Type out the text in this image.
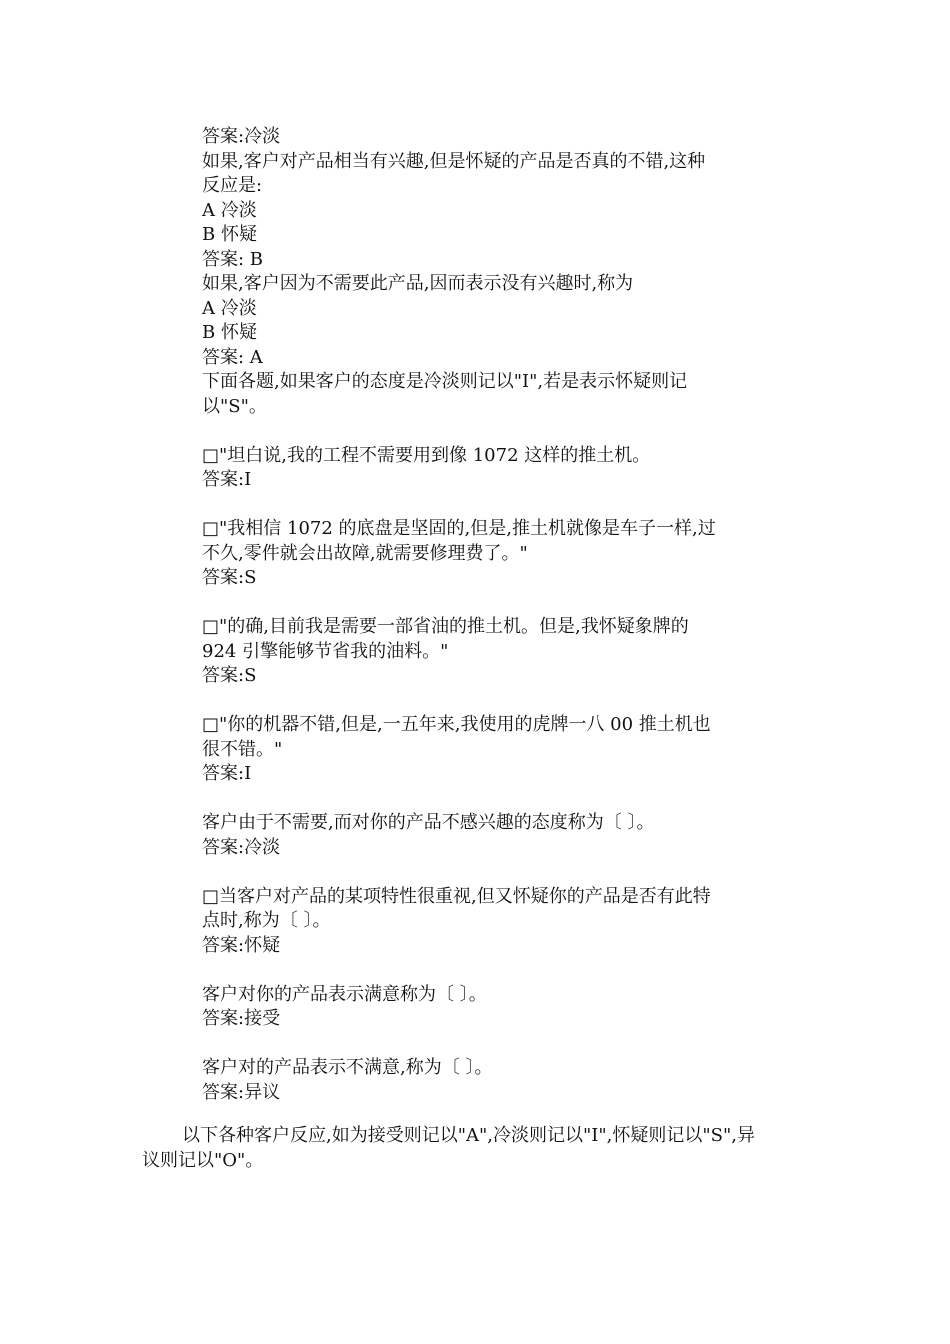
答案:冷淡
如果,客户对产品相当有兴趣,但是怀疑的产品是否真的不错,这种
反应是:
A 冷淡
B 怀疑
答案: B
如果,客户因为不需要此产品,因而表示没有兴趣时,称为
A 冷淡
B 怀疑
答案: A
下面各题,如果客户的态度是冷淡则记以"I",若是表示怀疑则记
以"S"。
□"坦白说,我的工程不需要用到像 1072 这样的推土机。
答案:I
□"我相信 1072 的底盘是坚固的,但是,推土机就像是车子一样,过
不久,零件就会出故障,就需要修理费了。"
答案:S
□"的确,目前我是需要一部省油的推土机。但是,我怀疑象牌的
924 引擎能够节省我的油料。"
答案:S
□"你的机器不错,但是,一五年来,我使用的虎牌一八 00 推土机也
很不错。"
答案:I
客户由于不需要,而对你的产品不感兴趣的态度称为〔 〕。
答案:冷淡
□当客户对产品的某项特性很重视,但又怀疑你的产品是否有此特
点时,称为〔 〕。
答案:怀疑
客户对你的产品表示满意称为〔 〕。
答案:接受
客户对的产品表示不满意,称为〔 〕。
答案:异议
以下各种客户反应,如为接受则记以"A",冷淡则记以"I",怀疑则记以"S",异
议则记以"O"。
